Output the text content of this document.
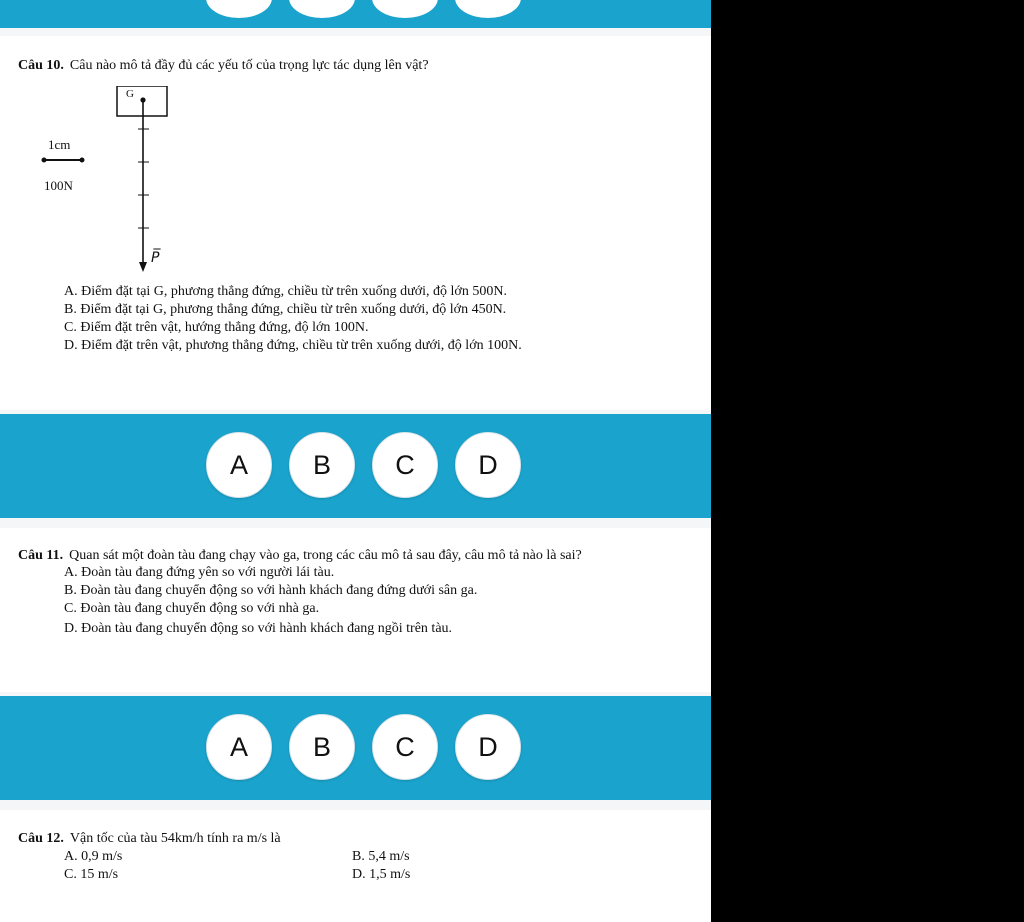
Câu 10. Câu nào mô tả đầy đủ các yếu tố của trọng lực tác dụng lên vật?
G
1cm
100N
P̅
A. Điểm đặt tại G, phương thẳng đứng, chiều từ trên xuống dưới, độ lớn 500N.
B. Điểm đặt tại G, phương thẳng đứng, chiều từ trên xuống dưới, độ lớn 450N.
C. Điểm đặt trên vật, hướng thẳng đứng, độ lớn 100N.
D. Điểm đặt trên vật, phương thẳng đứng, chiều từ trên xuống dưới, độ lớn 100N.
A	B	C	D
Câu 11. Quan sát một đoàn tàu đang chạy vào ga, trong các câu mô tả sau đây, câu mô tả nào là sai?
A. Đoàn tàu đang đứng yên so với người lái tàu.
B. Đoàn tàu đang chuyển động so với hành khách đang đứng dưới sân ga.
C. Đoàn tàu đang chuyển động so với nhà ga.
D. Đoàn tàu đang chuyển động so với hành khách đang ngồi trên tàu.
A	B	C	D
Câu 12. Vận tốc của tàu 54km/h tính ra m/s là
A. 0,9 m/s	B. 5,4 m/s
C. 15 m/s	D. 1,5 m/s
